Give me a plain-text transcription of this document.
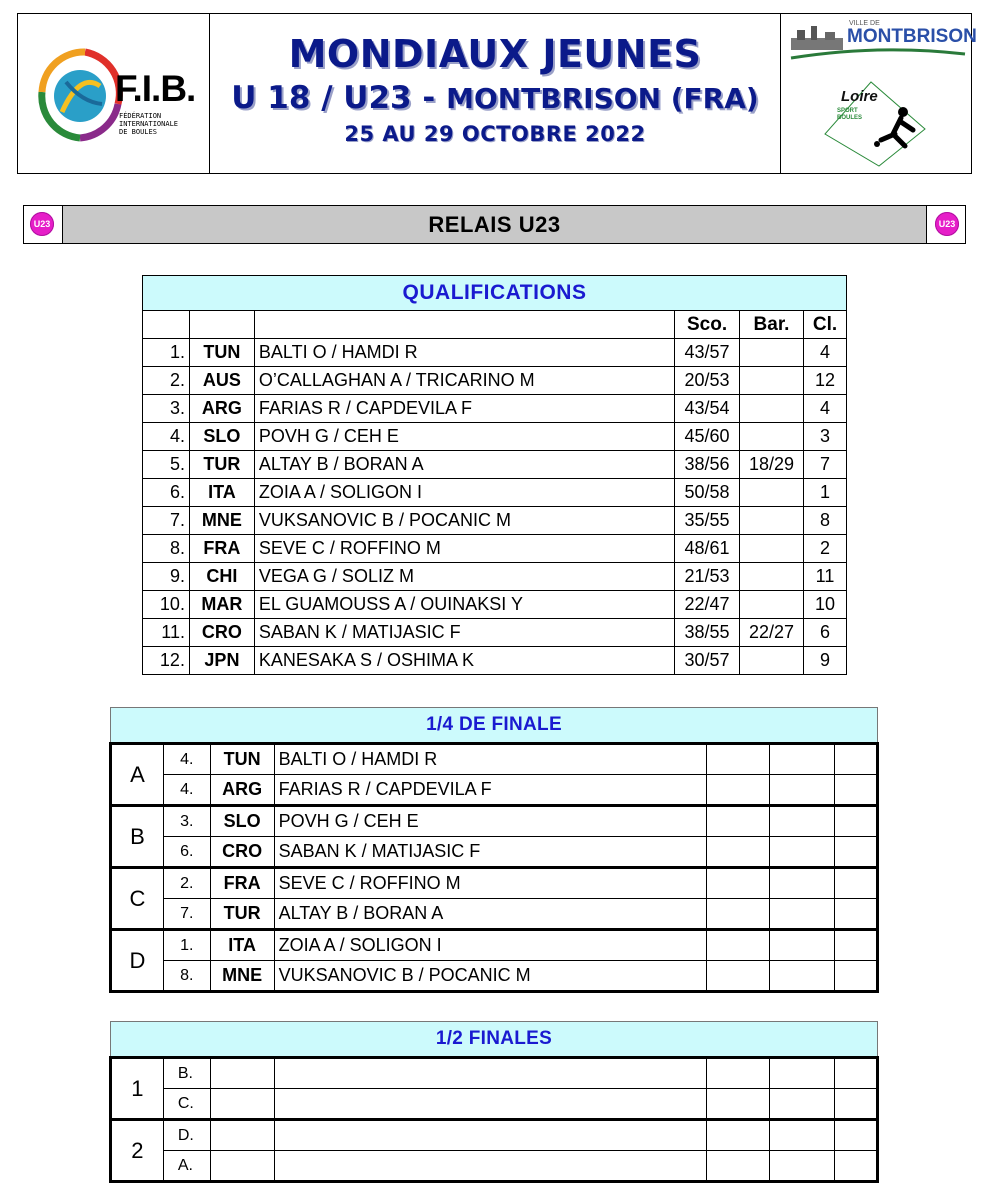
F.I.B.
FÉDÉRATION
INTERNATIONALE
DE BOULES
MONDIAUX JEUNES
U 18 / U23 - MONTBRISON (FRA)
25 AU 29 OCTOBRE 2022
VILLE DE
MONTBRISON
Loire
SPORT BOULES
U23	RELAIS U23	U23
QUALIFICATIONS					
			Sco.	Bar.	Cl.
1.	TUN	BALTI O / HAMDI R	43/57		4
2.	AUS	O’CALLAGHAN A / TRICARINO M	20/53		12
3.	ARG	FARIAS R / CAPDEVILA F	43/54		4
4.	SLO	POVH G / CEH E	45/60		3
5.	TUR	ALTAY B / BORAN A	38/56	18/29	7
6.	ITA	ZOIA A / SOLIGON I	50/58		1
7.	MNE	VUKSANOVIC B / POCANIC M	35/55		8
8.	FRA	SEVE C / ROFFINO M	48/61		2
9.	CHI	VEGA G / SOLIZ M	21/53		11
10.	MAR	EL GUAMOUSS A / OUINAKSI Y	22/47		10
11.	CRO	SABAN K / MATIJASIC F	38/55	22/27	6
12.	JPN	KANESAKA S / OSHIMA K	30/57		9
1/4 DE FINALE						
A	4.	TUN	BALTI O / HAMDI R			
	4.	ARG	FARIAS R / CAPDEVILA F			
B	3.	SLO	POVH G / CEH E			
	6.	CRO	SABAN K / MATIJASIC F			
C	2.	FRA	SEVE C / ROFFINO M			
	7.	TUR	ALTAY B / BORAN A			
D	1.	ITA	ZOIA A / SOLIGON I			
	8.	MNE	VUKSANOVIC B / POCANIC M			
1/2 FINALES						
1	B.					
	C.					
2	D.					
	A.					
